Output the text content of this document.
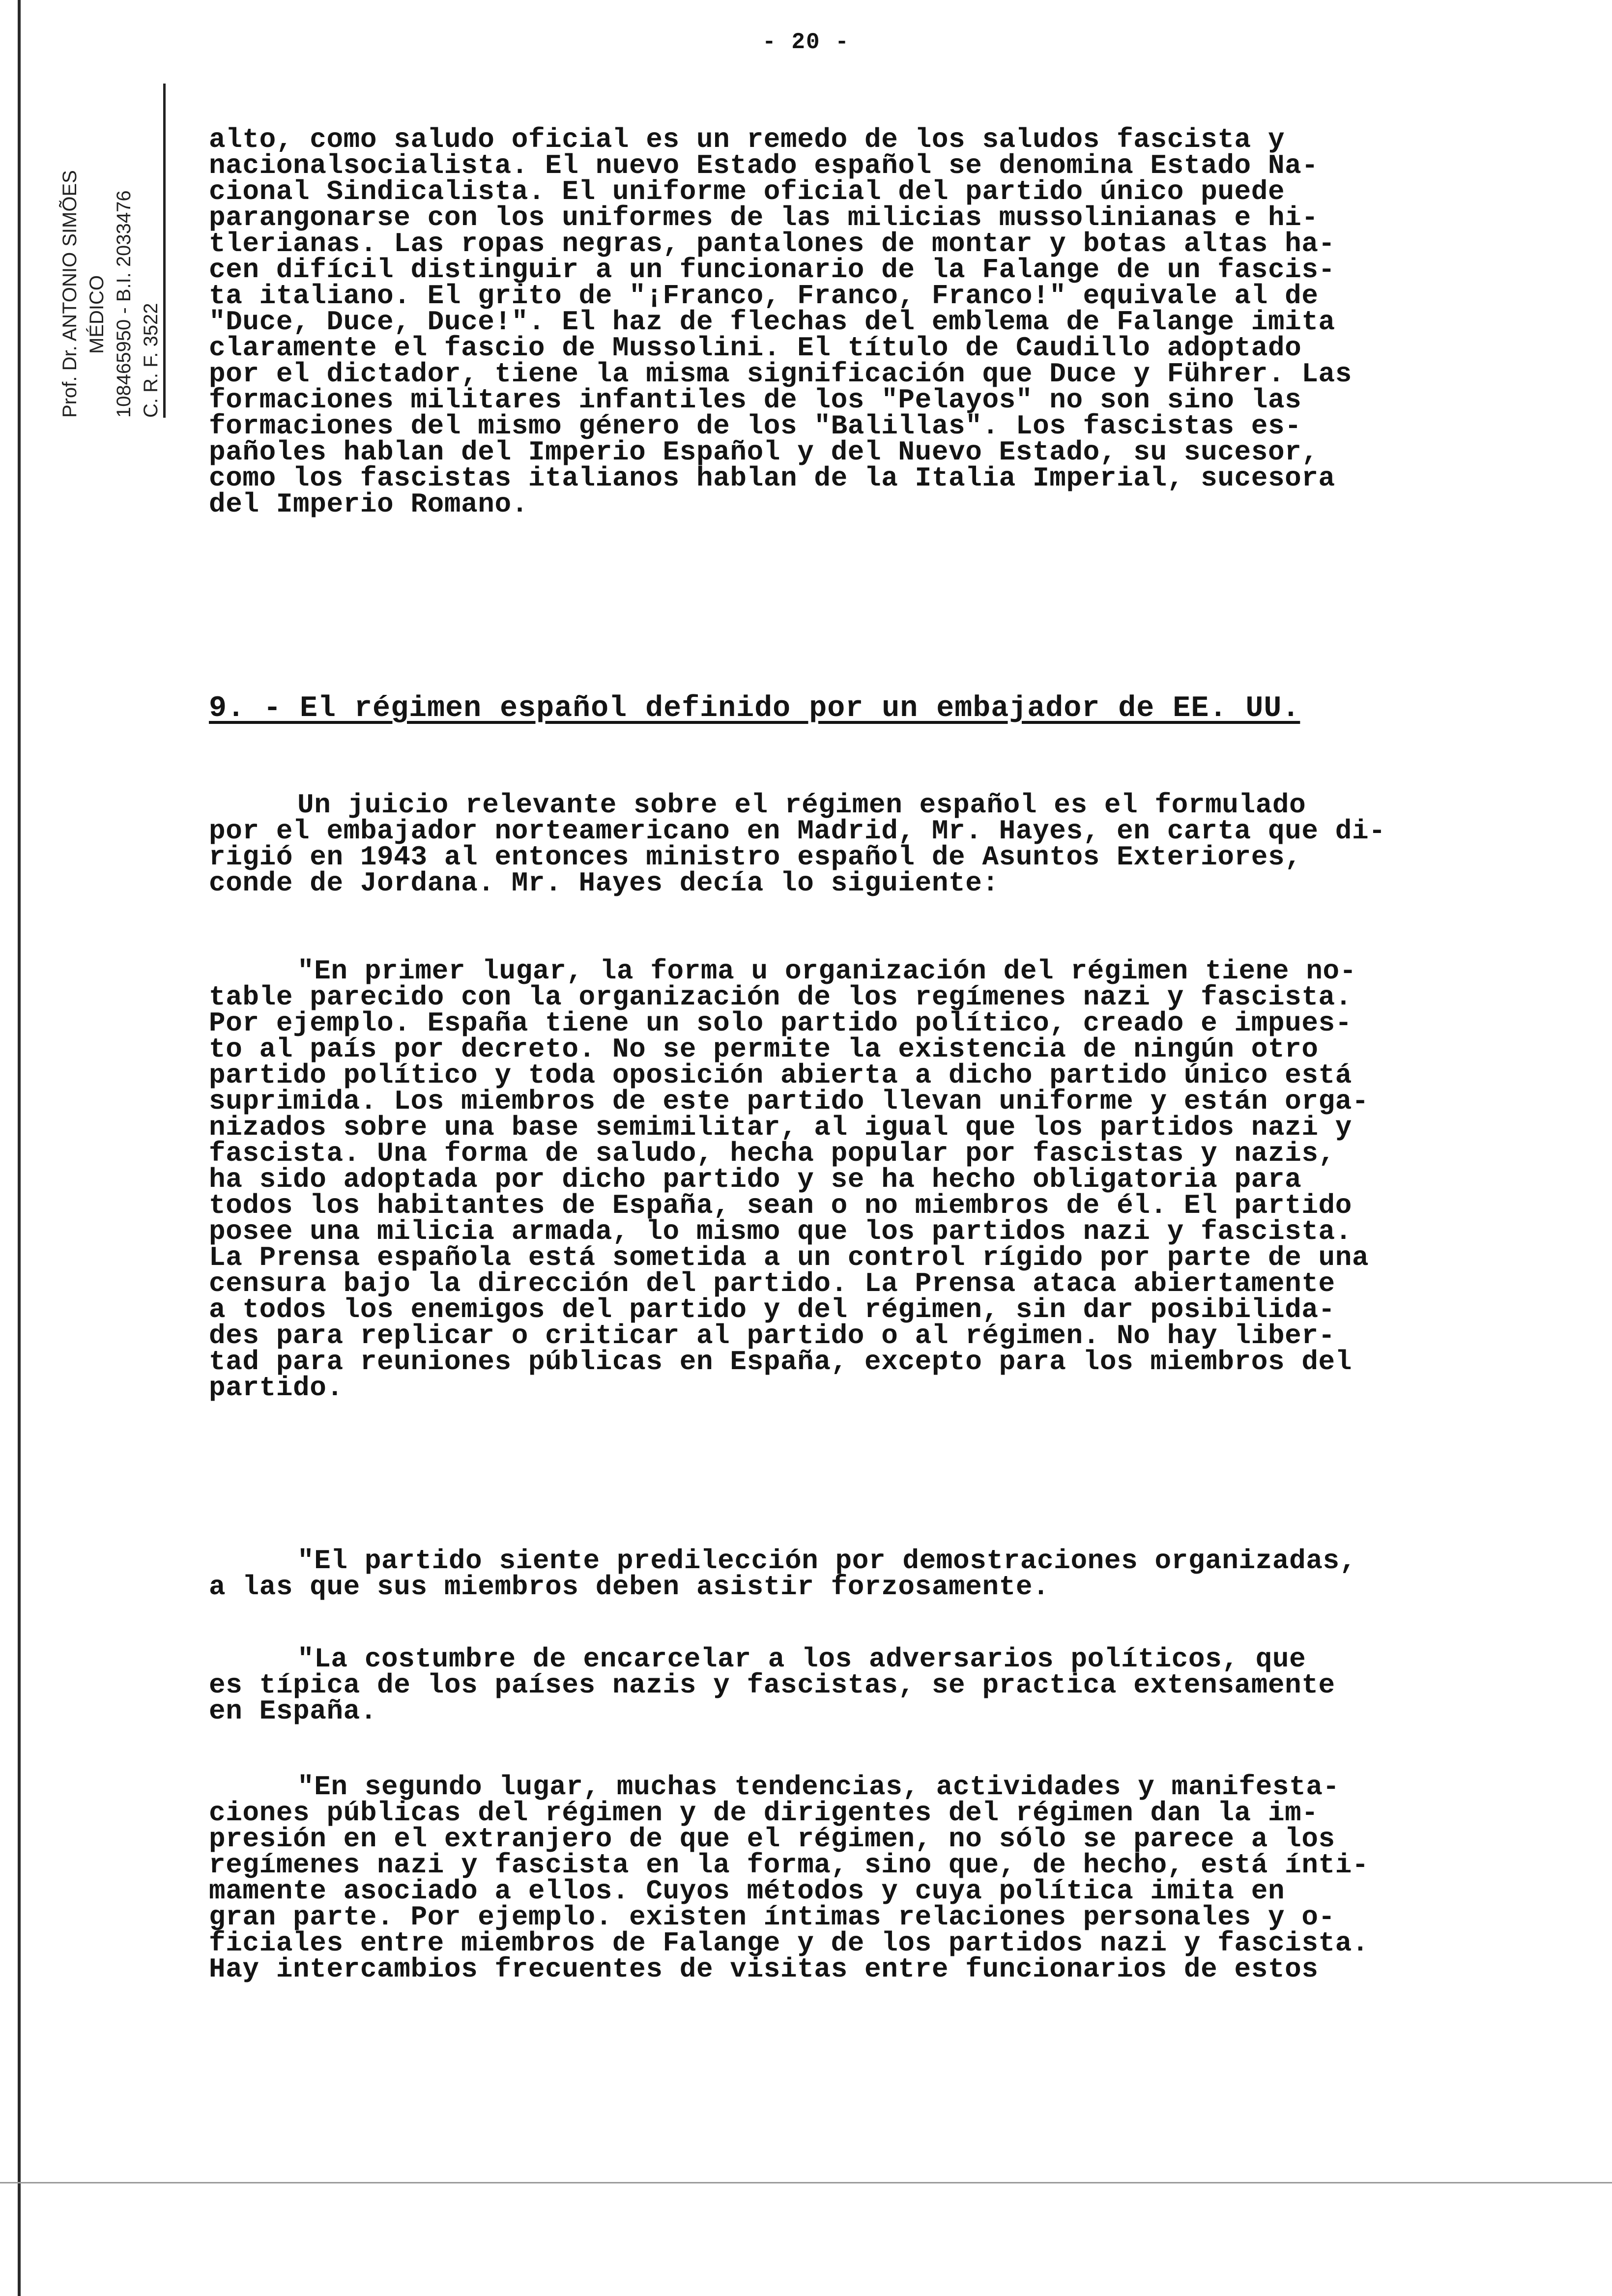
Prof. Dr. ANTONIO SIMÕES MÉDICO 108465950 - B.I. 2033476 C. R. F. 3522
- 20 -
alto, como saludo oficial es un remedo de los saludos fascista y
nacionalsocialista. El nuevo Estado español se denomina Estado Na-
cional Sindicalista. El uniforme oficial del partido único puede
parangonarse con los uniformes de las milicias mussolinianas e hi-
tlerianas. Las ropas negras, pantalones de montar y botas altas ha-
cen difícil distinguir a un funcionario de la Falange de un fascis-
ta italiano. El grito de "¡Franco, Franco, Franco!" equivale al de
"Duce, Duce, Duce!". El haz de flechas del emblema de Falange imita
claramente el fascio de Mussolini. El título de Caudillo adoptado
por el dictador, tiene la misma significación que Duce y Führer. Las
formaciones militares infantiles de los "Pelayos" no son sino las
formaciones del mismo género de los "Balillas". Los fascistas es-
pañoles hablan del Imperio Español y del Nuevo Estado, su sucesor,
como los fascistas italianos hablan de la Italia Imperial, sucesora
del Imperio Romano.
9. - El régimen español definido por un embajador de EE. UU.
Un juicio relevante sobre el régimen español es el formulado
por el embajador norteamericano en Madrid, Mr. Hayes, en carta que di-
rigió en 1943 al entonces ministro español de Asuntos Exteriores,
conde de Jordana. Mr. Hayes decía lo siguiente:
"En primer lugar, la forma u organización del régimen tiene no-
table parecido con la organización de los regímenes nazi y fascista.
Por ejemplo. España tiene un solo partido político, creado e impues-
to al país por decreto. No se permite la existencia de ningún otro
partido político y toda oposición abierta a dicho partido único está
suprimida. Los miembros de este partido llevan uniforme y están orga-
nizados sobre una base semimilitar, al igual que los partidos nazi y
fascista. Una forma de saludo, hecha popular por fascistas y nazis,
ha sido adoptada por dicho partido y se ha hecho obligatoria para
todos los habitantes de España, sean o no miembros de él. El partido
posee una milicia armada, lo mismo que los partidos nazi y fascista.
La Prensa española está sometida a un control rígido por parte de una
censura bajo la dirección del partido. La Prensa ataca abiertamente
a todos los enemigos del partido y del régimen, sin dar posibilida-
des para replicar o criticar al partido o al régimen. No hay liber-
tad para reuniones públicas en España, excepto para los miembros del
partido.
"El partido siente predilección por demostraciones organizadas,
a las que sus miembros deben asistir forzosamente.
"La costumbre de encarcelar a los adversarios políticos, que
es típica de los países nazis y fascistas, se practica extensamente
en España.
"En segundo lugar, muchas tendencias, actividades y manifesta-
ciones públicas del régimen y de dirigentes del régimen dan la im-
presión en el extranjero de que el régimen, no sólo se parece a los
regímenes nazi y fascista en la forma, sino que, de hecho, está ínti-
mamente asociado a ellos. Cuyos métodos y cuya política imita en
gran parte. Por ejemplo. existen íntimas relaciones personales y o-
ficiales entre miembros de Falange y de los partidos nazi y fascista.
Hay intercambios frecuentes de visitas entre funcionarios de estos
